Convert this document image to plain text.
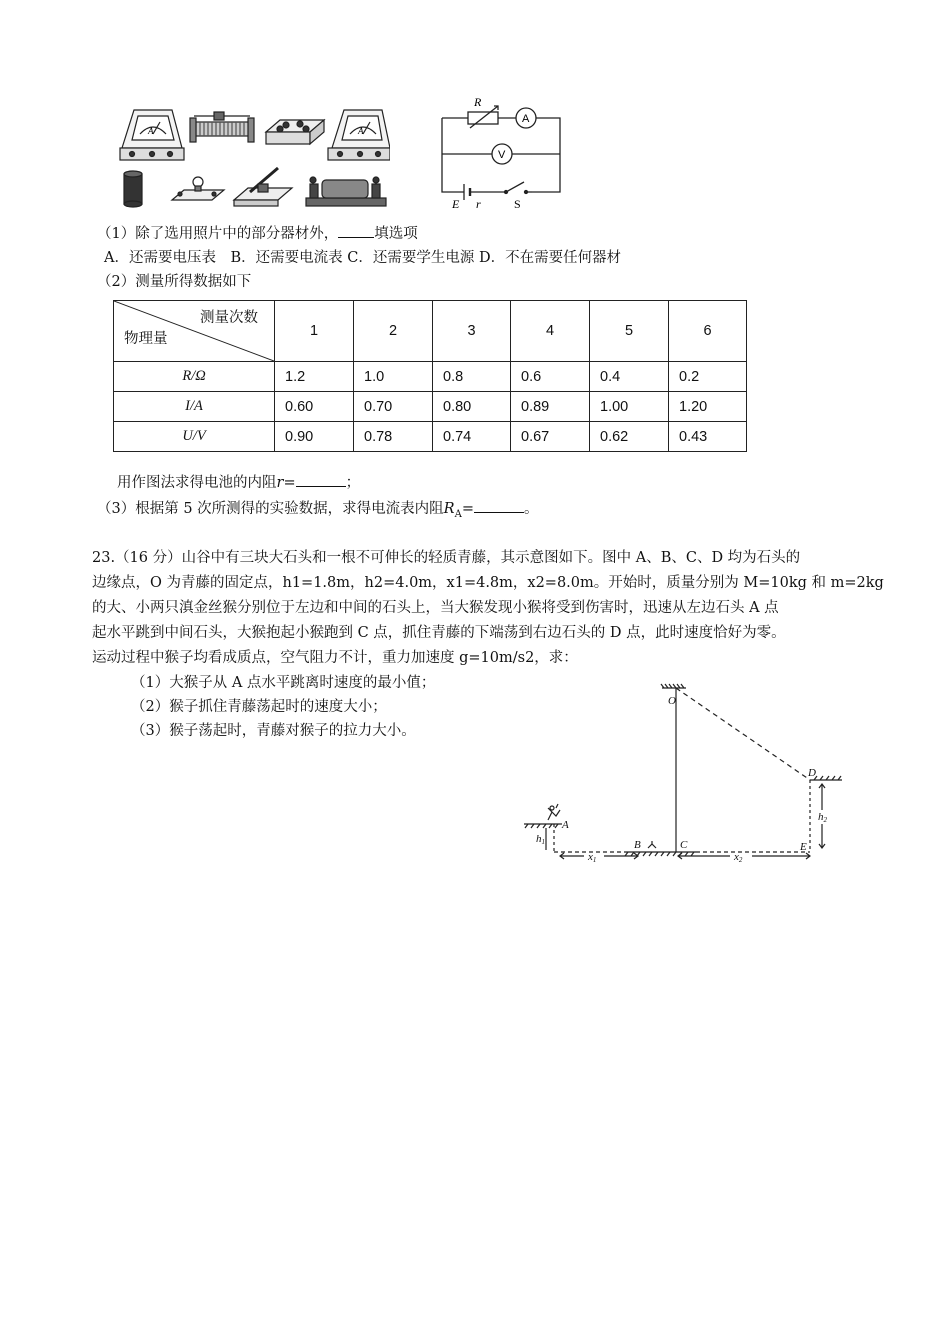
A	A
R
A
V
E r	S
（1）除了选用照片中的部分器材外， 填选项
A．还需要电压表　B．还需要电流表 C．还需要学生电源 D．不在需要任何器材
（2）测量所得数据如下
测量次数
物理量	1	2	3	4	5	6
R/Ω	1.2	1.0	0.8	0.6	0.4	0.2
I/A	0.60	0.70	0.80	0.89	1.00	1.20
U/V	0.90	0.78	0.74	0.67	0.62	0.43
用作图法求得电池的内阻r=	；
（3）根据第 5 次所测得的实验数据，求得电流表内阻$R_A=$	。
23.（16 分）山谷中有三块大石头和一根不可伸长的轻质青藤，其示意图如下。图中 A、B、C、D 均为石头的
边缘点，O 为青藤的固定点，h1=1.8m，h2=4.0m，x1=4.8m，x2=8.0m。开始时，质量分别为 M=10kg 和 m=2kg
的大、小两只滇金丝猴分别位于左边和中间的石头上，当大猴发现小猴将受到伤害时，迅速从左边石头 A 点
起水平跳到中间石头，大猴抱起小猴跑到 C 点，抓住青藤的下端荡到右边石头的 D 点，此时速度恰好为零。
运动过程中猴子均看成质点，空气阻力不计，重力加速度 g=10m/s2，求：
（1）大猴子从 A 点水平跳离时速度的最小值；
（2）猴子抓住青藤荡起时的速度大小；
（3）猴子荡起时，青藤对猴子的拉力大小。
O
A
B	C
D
E
h1
h2
x1	x2
